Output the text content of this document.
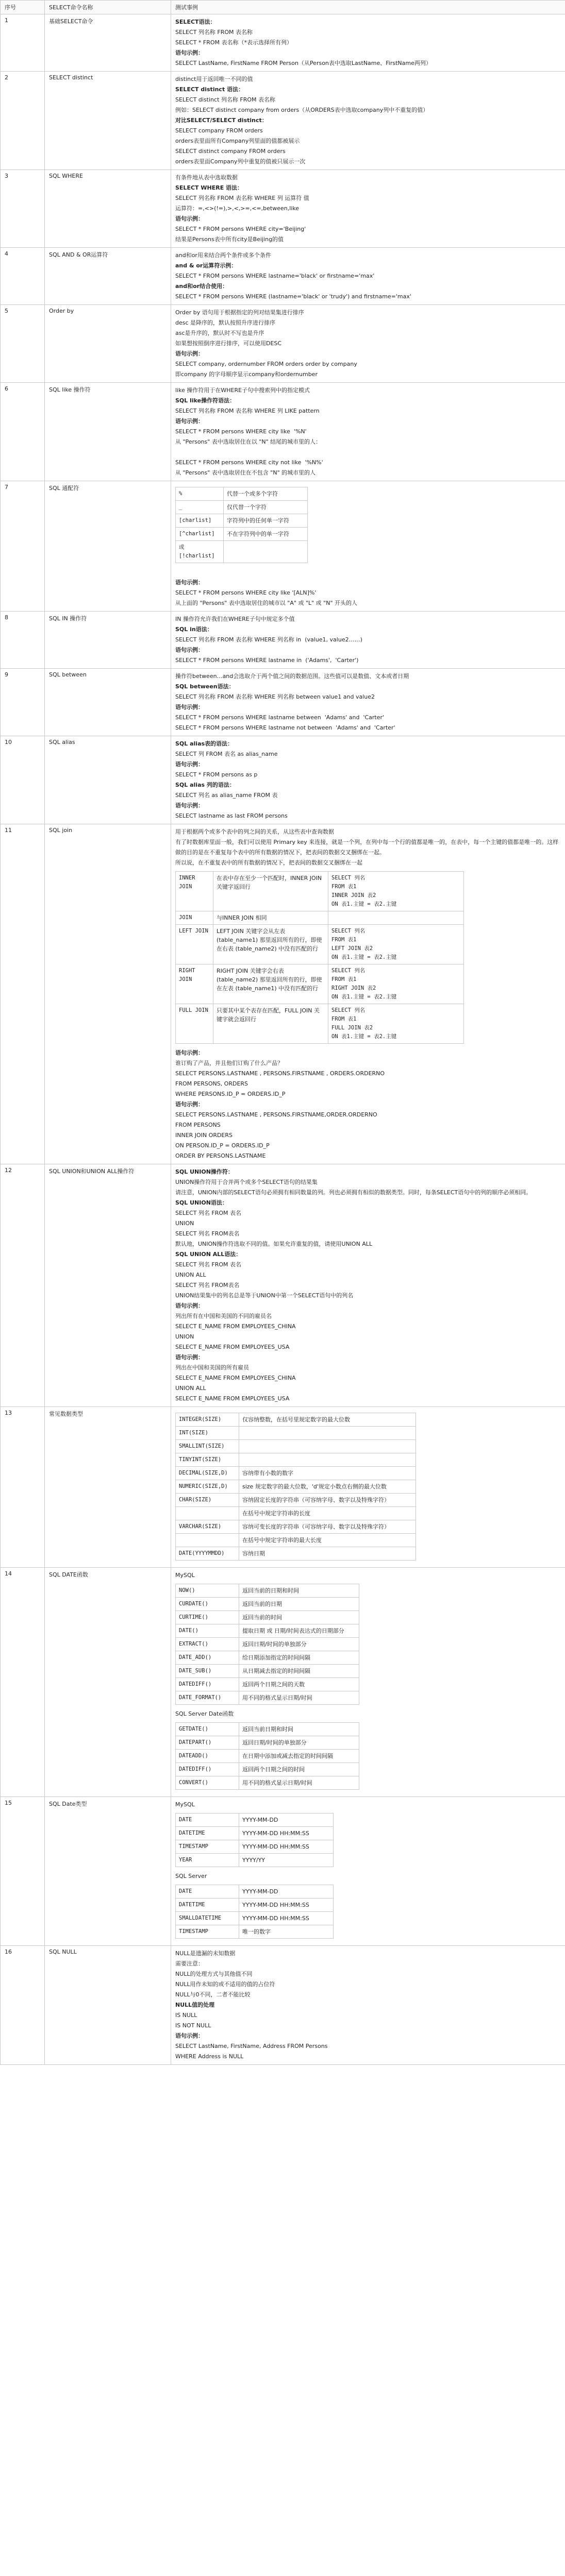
序号	SELECT命令名称	测试事例
1	基础SELECT命令	SELECT语法：
SELECT 列名称 FROM 表名称
SELECT * FROM 表名称（*表示选择所有列）
语句示例：
SELECT LastName, FirstName FROM Person（从Person表中选取LastName、FirstName两列）

2	SELECT distinct	distinct用于返回唯一不同的值
SELECT distinct 语法：
SELECT distinct 列名称 FROM 表名称
例如：SELECT distinct company from orders（从ORDERS表中选取company列中不重复的值）
对比SELECT/SELECT distinct：
SELECT company FROM orders
orders表里面所有Company列里面的值都被展示
SELECT distinct company FROM orders
orders表里面Company列中重复的值被只展示一次

3	SQL WHERE	有条件地从表中选取数据
SELECT WHERE 语法：
SELECT 列名称 FROM 表名称 WHERE 列 运算符 值
运算符：=,<>(!=),>,<,>=,<=,between,like
语句示例：
SELECT * FROM persons WHERE city='Beijing'
结果是Persons表中所有city是Beijing的值

4	SQL AND & OR运算符	and和or用来结合两个条件或多个条件
and & or运算符示例：
SELECT * FROM persons WHERE lastname='black' or firstname='max'
and和or结合使用：
SELECT * FROM persons WHERE (lastname='black' or 'trudy') and firstname='max'

5	Order by	Order by 语句用于根据指定的列对结果集进行排序
desc 是降序的，默认按照升序进行排序
asc是升序的，默认时不写也是升序
如果想按照倒序进行排序，可以使用DESC
语句示例：
SELECT company, ordernumber FROM orders order by company
即company 的字母顺序显示company和ordernumber

6	SQL like 操作符	like 操作符用于在WHERE子句中搜索列中的指定模式
SQL like操作符语法：
SELECT 列名称 FROM 表名称 WHERE 列 LIKE pattern
语句示例：
SELECT * FROM persons WHERE city like  '%N'
从 "Persons" 表中选取居住在以 "N" 结尾的城市里的人：
SELECT * FROM persons WHERE city not like  '%N%'
从 "Persons" 表中选取居住在不包含 "N" 的城市里的人

7	SQL 通配符	
%	代替一个或多个字符
_	仅代替一个字符
[charlist]	字符列中的任何单一字符
[^charlist]	不在字符列中的单一字符
或[!charlist]	
语句示例：
SELECT * FROM persons WHERE city like '[ALN]%'
从上面的 "Persons" 表中选取居住的城市以 "A" 或 "L" 或 "N" 开头的人

8	SQL IN 操作符	IN 操作符允许我们在WHERE子句中规定多个值
SQL in语法：
SELECT 列名称 FROM 表名称 WHERE 列名称 in  (value1, value2……)
语句示例：
SELECT * FROM persons WHERE lastname in  ('Adams',  'Carter')

9	SQL between	操作符between…and会选取介于两个值之间的数据范围。这些值可以是数值、文本或者日期
SQL between语法：
SELECT 列名称 FROM 表名称 WHERE 列名称 between value1 and value2
语句示例：
SELECT * FROM persons WHERE lastname between  'Adams' and  'Carter'
SELECT * FROM persons WHERE lastname not between  'Adams' and  'Carter'

10	SQL alias	SQL alias表的语法：
SELECT 列 FROM 表名 as alias_name
语句示例：
SELECT * FROM persons as p
SQL alias 列的语法：
SELECT 列名 as alias_name FROM 表
语句示例：
SELECT lastname as last FROM persons

11	SQL join	用于根据两个或多个表中的列之间的关系，从这些表中查询数据
有了时数据库里面一般，我们可以使用 Primary key 来连接，就是一个列，在列中每一个行的值都是唯一的，在表中，每一个主键的值都是唯一的。这样做的目的是在不重复每个表中的所有数据的情况下，把表间的数据交叉捆绑在一起。
所以说，在不重复表中的所有数据的情况下，把表间的数据交叉捆绑在一起
INNER JOIN	在表中存在至少一个匹配时，INNER JOIN 关键字返回行	SELECT 列名
FROM 表1
INNER JOIN 表2
ON 表1.主键 = 表2.主键
JOIN	与INNER JOIN 相同	
LEFT JOIN	LEFT JOIN 关键字会从左表 (table_name1) 那里返回所有的行，即使在右表 (table_name2) 中没有匹配的行	SELECT 列名
FROM 表1
LEFT JOIN 表2
ON 表1.主键 = 表2.主键
RIGHT JOIN	RIGHT JOIN 关键字会右表 (table_name2) 那里返回所有的行，即使在左表 (table_name1) 中没有匹配的行	SELECT 列名
FROM 表1
RIGHT JOIN 表2
ON 表1.主键 = 表2.主键
FULL JOIN	只要其中某个表存在匹配，FULL JOIN 关键字就会返回行	SELECT 列名
FROM 表1
FULL JOIN 表2
ON 表1.主键 = 表2.主键
语句示例：
谁订购了产品，并且他们订购了什么产品？
SELECT PERSONS.LASTNAME , PERSONS.FIRSTNAME , ORDERS.ORDERNO
FROM PERSONS, ORDERS
WHERE PERSONS.ID_P = ORDERS.ID_P
语句示例：
SELECT PERSONS.LASTNAME , PERSONS.FIRSTNAME,ORDER.ORDERNO
FROM PERSONS
INNER JOIN ORDERS
ON PERSON.ID_P = ORDERS.ID_P
ORDER BY PERSONS.LASTNAME

12	SQL UNION和UNION ALL操作符	SQL UNION操作符：
UNION操作符用于合并两个或多个SELECT语句的结果集
请注意，UNION内部的SELECT语句必须拥有相同数量的列。列也必须拥有相似的数据类型。同时，每条SELECT语句中的列的顺序必须相同。
SQL UNION语法：
SELECT 列名 FROM 表名
UNION
SELECT 列名 FROM表名
默认地，UNION操作符选取不同的值。如果允许重复的值，请使用UNION ALL
SQL UNION ALL语法：
SELECT 列名 FROM 表名
UNION ALL
SELECT 列名 FROM表名
UNION结果集中的列名总是等于UNION中第一个SELECT语句中的列名
语句示例：
列出所有在中国和美国的不同的雇员名
SELECT E_NAME FROM EMPLOYEES_CHINA
UNION
SELECT E_NAME FROM EMPLOYEES_USA
语句示例：
列出在中国和美国的所有雇员
SELECT E_NAME FROM EMPLOYEES_CHINA
UNION ALL
SELECT E_NAME FROM EMPLOYEES_USA

13	常见数据类型	
INTEGER(SIZE)	仅容纳整数，在括号里规定数字的最大位数
INT(SIZE)	
SMALLINT(SIZE)	
TINYINT(SIZE)	
DECIMAL(SIZE,D)	容纳带有小数的数字
NUMERIC(SIZE,D)	size 规定数字的最大位数，'d'规定小数点右侧的最大位数
CHAR(SIZE)	容纳固定长度的字符串（可容纳字母、数字以及特殊字符）
	在括号中规定字符串的长度
VARCHAR(SIZE)	容纳可变长度的字符串（可容纳字母、数字以及特殊字符）
	在括号中规定字符串的最大长度
DATE(YYYYMMDD)	容纳日期

14	SQL DATE函数	MySQL
NOW()	返回当前的日期和时间
CURDATE()	返回当前的日期
CURTIME()	返回当前的时间
DATE()	提取日期 或 日期/时间表达式的日期部分
EXTRACT()	返回日期/时间的单独部分
DATE_ADD()	给日期添加指定的时间间隔
DATE_SUB()	从日期减去指定的时间间隔
DATEDIFF()	返回两个日期之间的天数
DATE_FORMAT()	用不同的格式显示日期/时间
SQL Server Date函数
GETDATE()	返回当前日期和时间
DATEPART()	返回日期/时间的单独部分
DATEADD()	在日期中添加或减去指定的时间间隔
DATEDIFF()	返回两个日期之间的时间
CONVERT()	用不同的格式显示日期/时间

15	SQL Date类型	MySQL
DATE	YYYY-MM-DD
DATETIME	YYYY-MM-DD HH:MM:SS
TIMESTAMP	YYYY-MM-DD HH:MM:SS
YEAR	YYYY/YY
SQL Server
DATE	YYYY-MM-DD
DATETIME	YYYY-MM-DD HH:MM:SS
SMALLDATETIME	YYYY-MM-DD HH:MM:SS
TIMESTAMP	唯一的数字

16	SQL NULL	NULL是遗漏的未知数据
需要注意：
NULL的处理方式与其他值不同
NULL用作未知的或不适用的值的占位符
NULL与0不同，二者不能比较
NULL值的处理
IS NULL
IS NOT NULL
语句示例：
SELECT LastName, FirstName, Address FROM Persons
WHERE Address is NULL
